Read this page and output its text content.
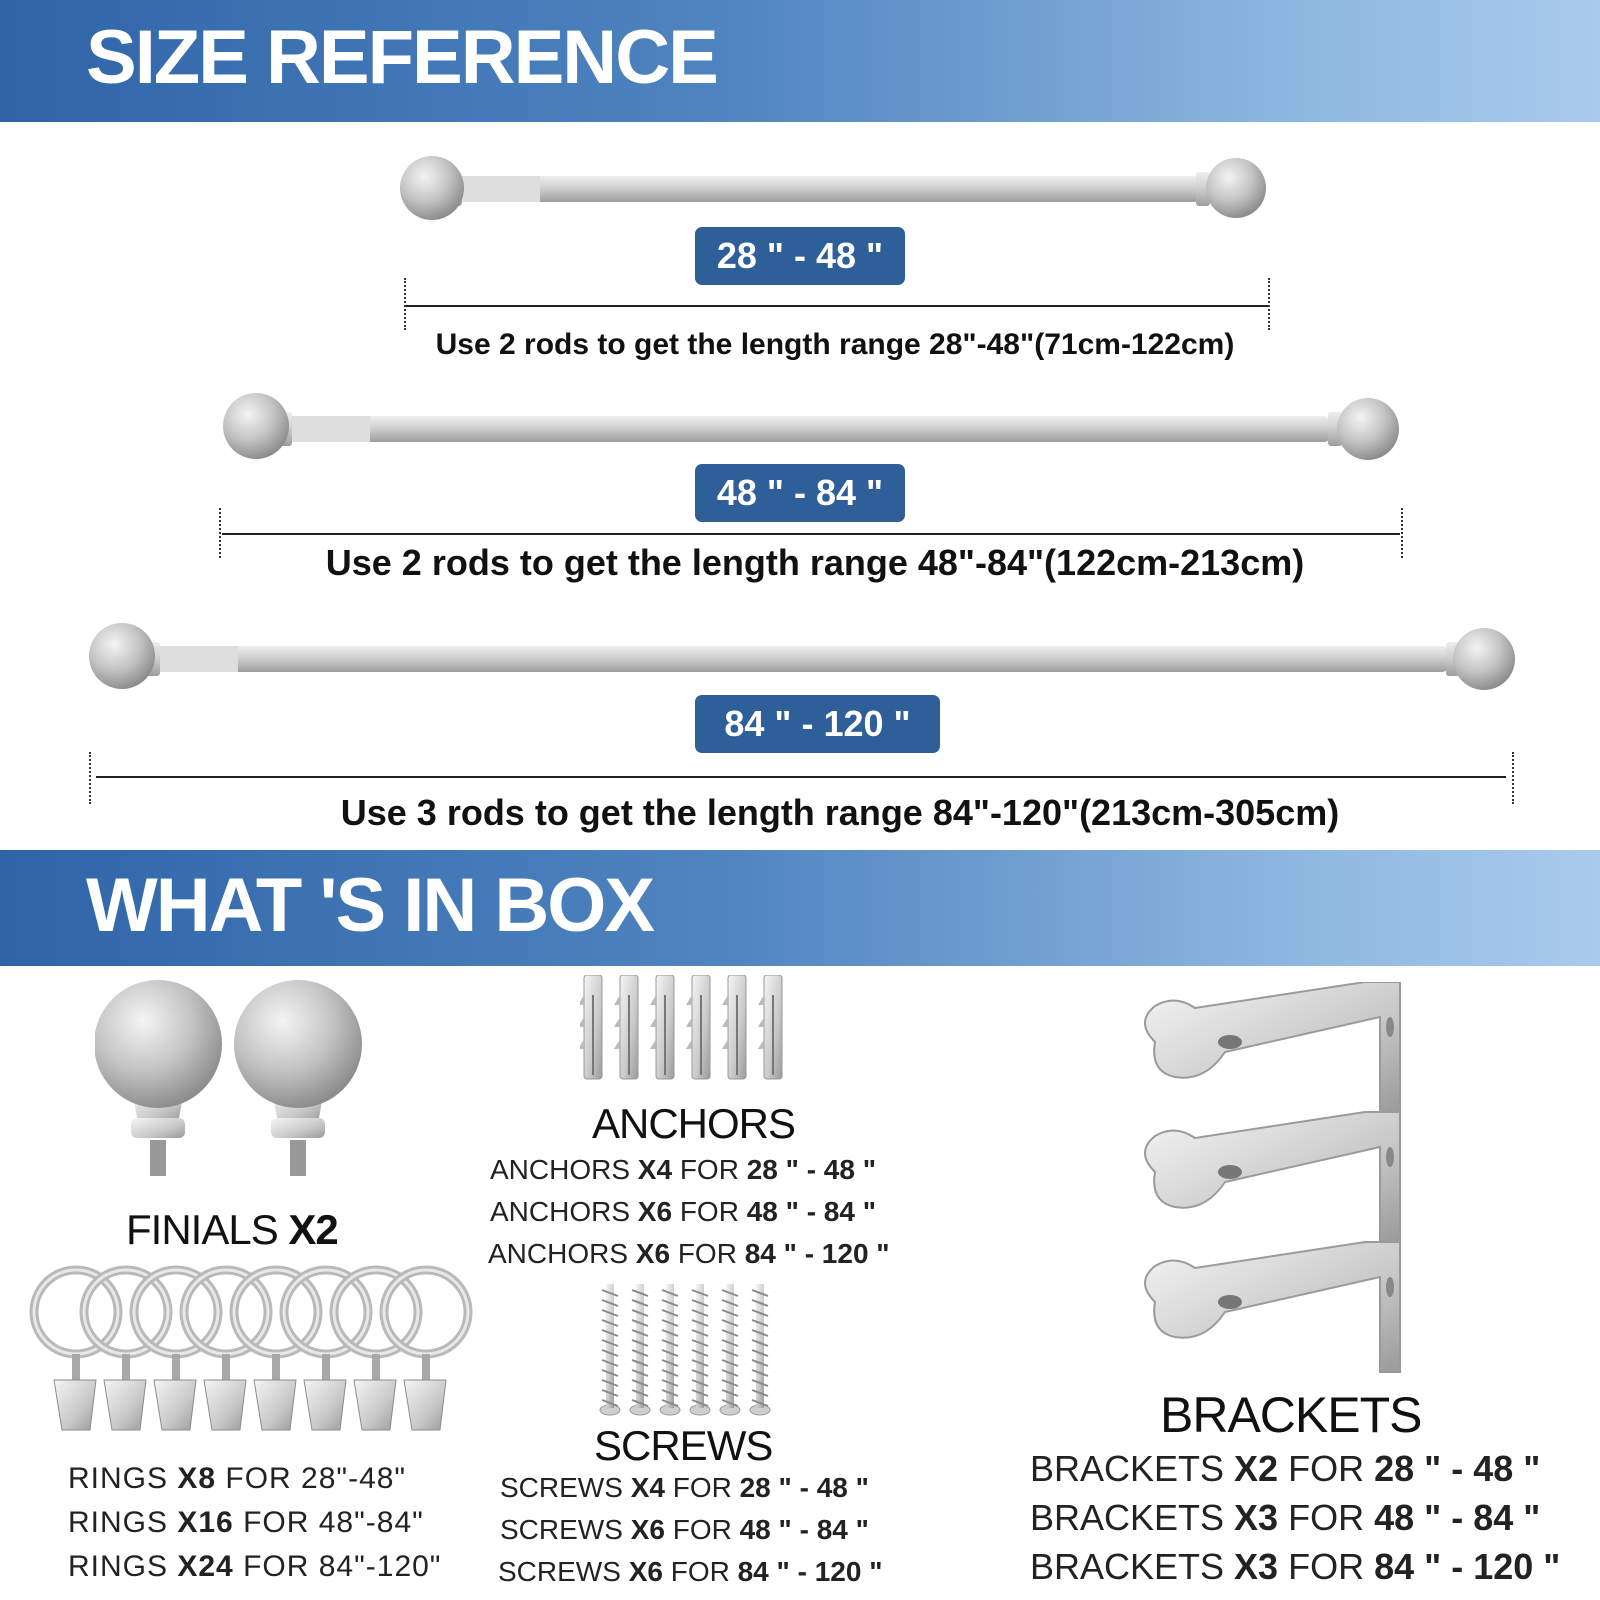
SIZE REFERENCE
28 " - 48 "
Use 2 rods to get the length range 28"-48"(71cm-122cm)
48 " - 84 "
Use 2 rods to get the length range 48"-84"(122cm-213cm)
84 " - 120 "
Use 3 rods to get the length range 84"-120"(213cm-305cm)
WHAT 'S IN BOX
FINIALS X2
RINGS X8 FOR 28"-48"
RINGS X16 FOR 48"-84"
RINGS X24 FOR 84"-120"
ANCHORS
ANCHORS X4 FOR 28 " - 48 "
ANCHORS X6 FOR 48 " - 84 "
ANCHORS X6 FOR 84 " - 120 "
SCREWS
SCREWS X4 FOR 28 " - 48 "
SCREWS X6 FOR 48 " - 84 "
SCREWS X6 FOR 84 " - 120 "
BRACKETS
BRACKETS X2 FOR 28 " - 48 "
BRACKETS X3 FOR 48 " - 84 "
BRACKETS X3 FOR 84 " - 120 "
